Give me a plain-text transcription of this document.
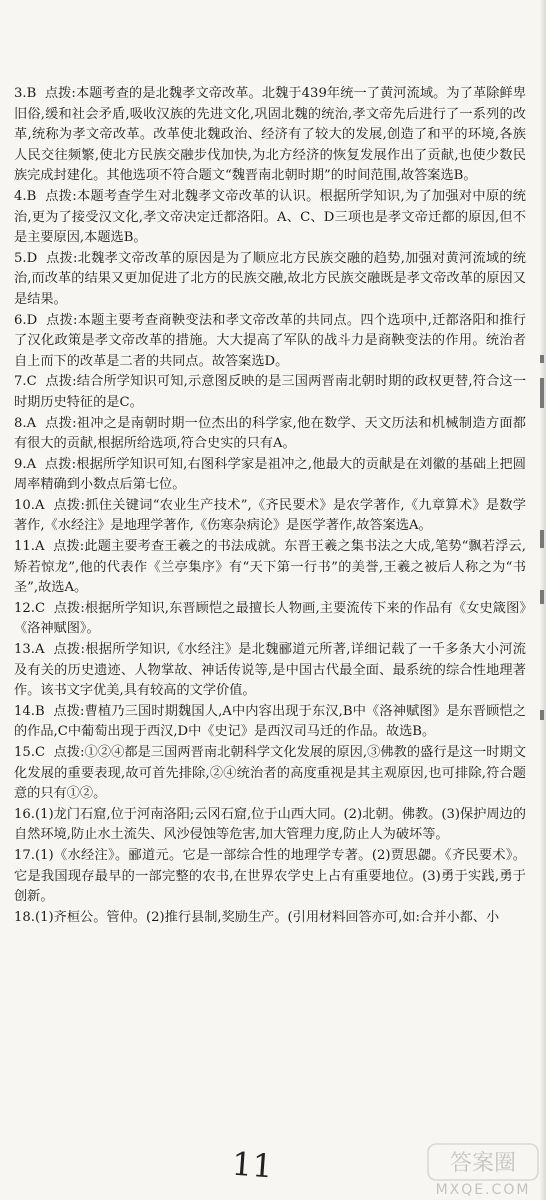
3.B 点拨:本题考查的是北魏孝文帝改革。北魏于439年统一了黄河流域。为了革除鲜卑旧俗,缓和社会矛盾,吸收汉族的先进文化,巩固北魏的统治,孝文帝先后进行了一系列的改革,统称为孝文帝改革。改革使北魏政治、经济有了较大的发展,创造了和平的环境,各族人民交往频繁,使北方民族交融步伐加快,为北方经济的恢复发展作出了贡献,也使少数民族完成封建化。其他选项不符合题文“魏晋南北朝时期”的时间范围,故答案选B。

4.B 点拨:本题考查学生对北魏孝文帝改革的认识。根据所学知识,为了加强对中原的统治,更为了接受汉文化,孝文帝决定迁都洛阳。A、C、D三项也是孝文帝迁都的原因,但不是主要原因,本题选B。

5.D 点拨:北魏孝文帝改革的原因是为了顺应北方民族交融的趋势,加强对黄河流域的统治,而改革的结果又更加促进了北方的民族交融,故北方民族交融既是孝文帝改革的原因又是结果。

6.D 点拨:本题主要考查商鞅变法和孝文帝改革的共同点。四个选项中,迁都洛阳和推行了汉化政策是孝文帝改革的措施。大大提高了军队的战斗力是商鞅变法的作用。统治者自上而下的改革是二者的共同点。故答案选D。

7.C 点拨:结合所学知识可知,示意图反映的是三国两晋南北朝时期的政权更替,符合这一时期历史特征的是C。

8.A 点拨:祖冲之是南朝时期一位杰出的科学家,他在数学、天文历法和机械制造方面都有很大的贡献,根据所给选项,符合史实的只有A。

9.A 点拨:根据所学知识可知,右图科学家是祖冲之,他最大的贡献是在刘徽的基础上把圆周率精确到小数点后第七位。

10.A 点拨:抓住关键词“农业生产技术”,《齐民要术》是农学著作,《九章算术》是数学著作,《水经注》是地理学著作,《伤寒杂病论》是医学著作,故答案选A。

11.A 点拨:此题主要考查王羲之的书法成就。东晋王羲之集书法之大成,笔势“飘若浮云,矫若惊龙”,他的代表作《兰亭集序》有“天下第一行书”的美誉,王羲之被后人称之为“书圣”,故选A。

12.C 点拨:根据所学知识,东晋顾恺之最擅长人物画,主要流传下来的作品有《女史箴图》《洛神赋图》。

13.A 点拨:根据所学知识,《水经注》是北魏郦道元所著,详细记载了一千多条大小河流及有关的历史遗迹、人物掌故、神话传说等,是中国古代最全面、最系统的综合性地理著作。该书文字优美,具有较高的文学价值。

14.B 点拨:曹植乃三国时期魏国人,A中内容出现于东汉,B中《洛神赋图》是东晋顾恺之的作品,C中葡萄出现于西汉,D中《史记》是西汉司马迁的作品。故选B。

15.C 点拨:①②④都是三国两晋南北朝科学文化发展的原因,③佛教的盛行是这一时期文化发展的重要表现,故可首先排除,②④统治者的高度重视是其主观原因,也可排除,符合题意的只有①②。

16.(1)龙门石窟,位于河南洛阳;云冈石窟,位于山西大同。(2)北朝。佛教。(3)保护周边的自然环境,防止水土流失、风沙侵蚀等危害,加大管理力度,防止人为破坏等。

17.(1)《水经注》。郦道元。它是一部综合性的地理学专著。(2)贾思勰。《齐民要术》。它是我国现存最早的一部完整的农书,在世界农学史上占有重要地位。(3)勇于实践,勇于创新。

18.(1)齐桓公。管仲。(2)推行县制,奖励生产。(引用材料回答亦可,如:合并小都、小

11	答案圈
MXQE.COM
